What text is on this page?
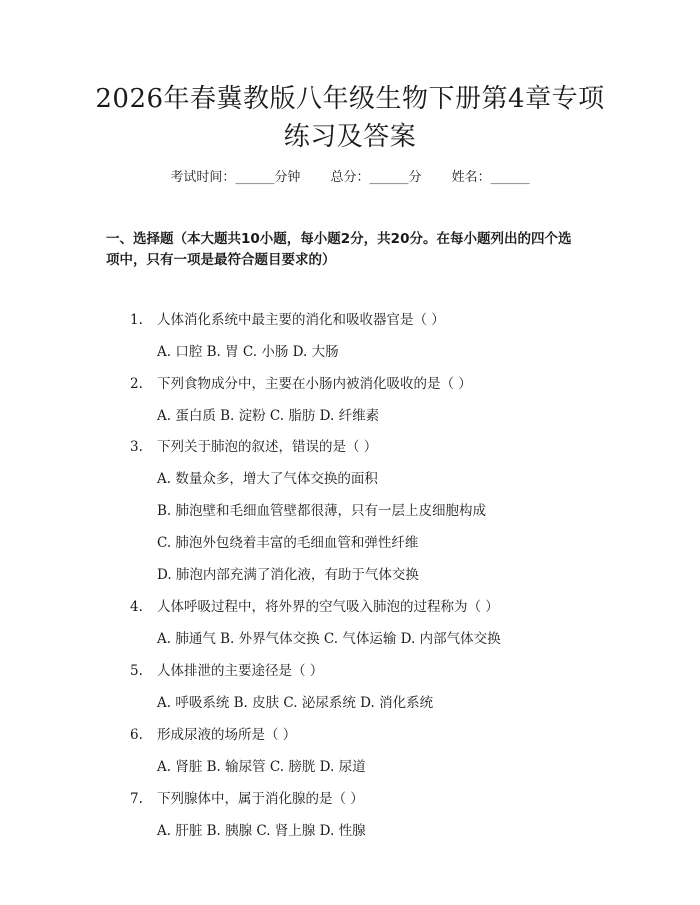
2026年春冀教版八年级生物下册第4章专项
练习及答案
考试时间：______分钟 总分：______分 姓名：______
一、选择题（本大题共10小题，每小题2分，共20分。在每小题列出的四个选
项中，只有一项是最符合题目要求的）
1. 人体消化系统中最主要的消化和吸收器官是（ ）
A. 口腔 B. 胃 C. 小肠 D. 大肠
2. 下列食物成分中，主要在小肠内被消化吸收的是（ ）
A. 蛋白质 B. 淀粉 C. 脂肪 D. 纤维素
3. 下列关于肺泡的叙述，错误的是（ ）
A. 数量众多，增大了气体交换的面积
B. 肺泡壁和毛细血管壁都很薄，只有一层上皮细胞构成
C. 肺泡外包绕着丰富的毛细血管和弹性纤维
D. 肺泡内部充满了消化液，有助于气体交换
4. 人体呼吸过程中，将外界的空气吸入肺泡的过程称为（ ）
A. 肺通气 B. 外界气体交换 C. 气体运输 D. 内部气体交换
5. 人体排泄的主要途径是（ ）
A. 呼吸系统 B. 皮肤 C. 泌尿系统 D. 消化系统
6. 形成尿液的场所是（ ）
A. 肾脏 B. 输尿管 C. 膀胱 D. 尿道
7. 下列腺体中，属于消化腺的是（ ）
A. 肝脏 B. 胰腺 C. 肾上腺 D. 性腺
